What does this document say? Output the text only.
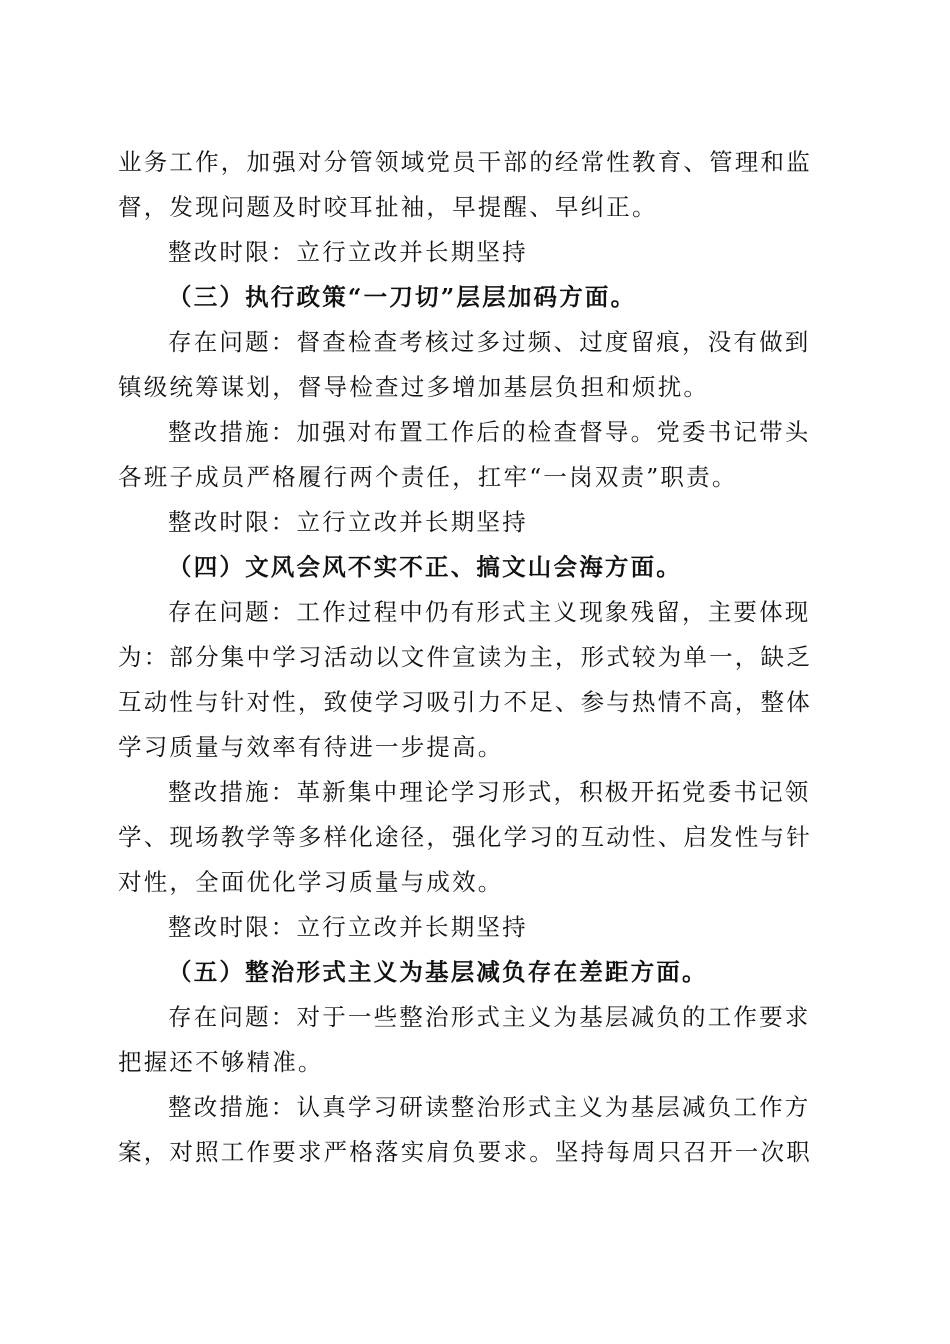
业务工作，加强对分管领域党员干部的经常性教育、管理和监
督，发现问题及时咬耳扯袖，早提醒、早纠正。
整改时限：立行立改并长期坚持
（三）执行政策“一刀切”层层加码方面。
存在问题：督查检查考核过多过频、过度留痕，没有做到
镇级统筹谋划，督导检查过多增加基层负担和烦扰。
整改措施：加强对布置工作后的检查督导。党委书记带头
各班子成员严格履行两个责任，扛牢“一岗双责”职责。
整改时限：立行立改并长期坚持
（四）文风会风不实不正、搞文山会海方面。
存在问题：工作过程中仍有形式主义现象残留，主要体现
为：部分集中学习活动以文件宣读为主，形式较为单一，缺乏
互动性与针对性，致使学习吸引力不足、参与热情不高，整体
学习质量与效率有待进一步提高。
整改措施：革新集中理论学习形式，积极开拓党委书记领
学、现场教学等多样化途径，强化学习的互动性、启发性与针
对性，全面优化学习质量与成效。
整改时限：立行立改并长期坚持
（五）整治形式主义为基层减负存在差距方面。
存在问题：对于一些整治形式主义为基层减负的工作要求
把握还不够精准。
整改措施：认真学习研读整治形式主义为基层减负工作方
案，对照工作要求严格落实肩负要求。坚持每周只召开一次职
